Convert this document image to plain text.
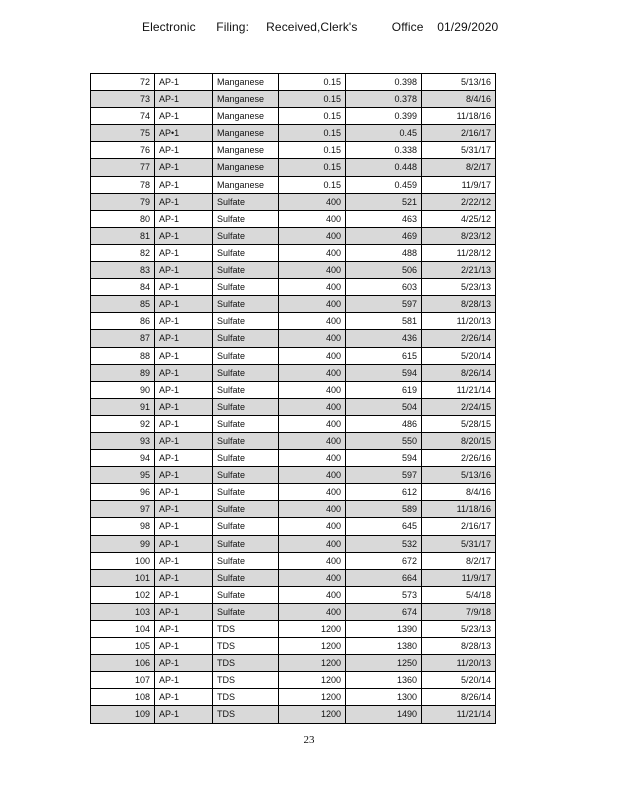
Electronic      Filing:     Received,Clerk's          Office    01/29/2020
72	AP-1	Manganese	0.15	0.398	5/13/16
73	AP-1	Manganese	0.15	0.378	8/4/16
74	AP-1	Manganese	0.15	0.399	11/18/16
75	AP•1	Manganese	0.15	0.45	2/16/17
76	AP-1	Manganese	0.15	0.338	5/31/17
77	AP-1	Manganese	0.15	0.448	8/2/17
78	AP-1	Manganese	0.15	0.459	11/9/17
79	AP-1	Sulfate	400	521	2/22/12
80	AP-1	Sulfate	400	463	4/25/12
81	AP-1	Sulfate	400	469	8/23/12
82	AP-1	Sulfate	400	488	11/28/12
83	AP-1	Sulfate	400	506	2/21/13
84	AP-1	Sulfate	400	603	5/23/13
85	AP-1	Sulfate	400	597	8/28/13
86	AP-1	Sulfate	400	581	11/20/13
87	AP-1	Sulfate	400	436	2/26/14
88	AP-1	Sulfate	400	615	5/20/14
89	AP-1	Sulfate	400	594	8/26/14
90	AP-1	Sulfate	400	619	11/21/14
91	AP-1	Sulfate	400	504	2/24/15
92	AP-1	Sulfate	400	486	5/28/15
93	AP-1	Sulfate	400	550	8/20/15
94	AP-1	Sulfate	400	594	2/26/16
95	AP-1	Sulfate	400	597	5/13/16
96	AP-1	Sulfate	400	612	8/4/16
97	AP-1	Sulfate	400	589	11/18/16
98	AP-1	Sulfate	400	645	2/16/17
99	AP-1	Sulfate	400	532	5/31/17
100	AP-1	Sulfate	400	672	8/2/17
101	AP-1	Sulfate	400	664	11/9/17
102	AP-1	Sulfate	400	573	5/4/18
103	AP-1	Sulfate	400	674	7/9/18
104	AP-1	TDS	1200	1390	5/23/13
105	AP-1	TDS	1200	1380	8/28/13
106	AP-1	TDS	1200	1250	11/20/13
107	AP-1	TDS	1200	1360	5/20/14
108	AP-1	TDS	1200	1300	8/26/14
109	AP-1	TDS	1200	1490	11/21/14
23
